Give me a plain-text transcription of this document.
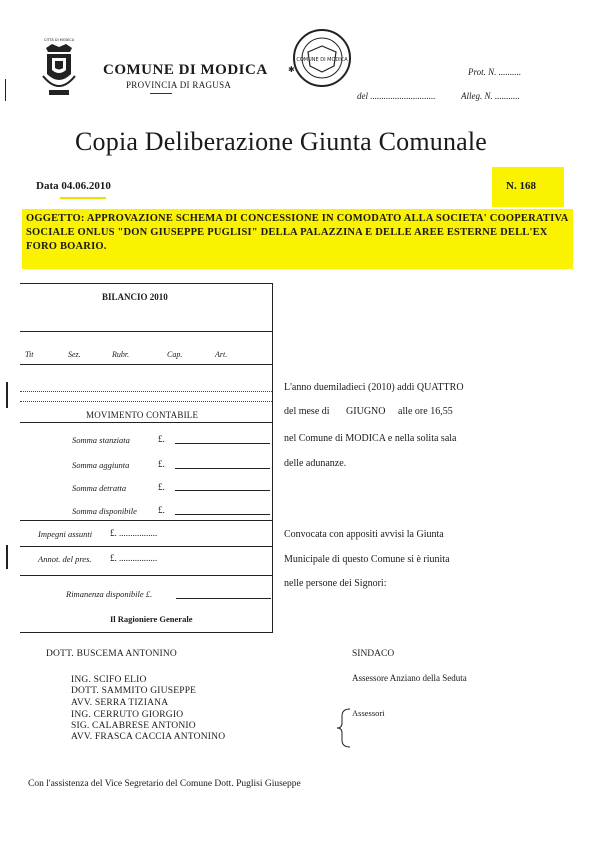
CITTÀ DI MODICA
COMUNE DI MODICA
PROVINCIA DI RAGUSA
COMUNE DI MODICA
✱	Prot. N. ..........
del .............................	Alleg. N. ...........
Copia Deliberazione Giunta Comunale
Data 04.06.2010	N. 168
OGGETTO: APPROVAZIONE SCHEMA DI CONCESSIONE IN COMODATO ALLA SOCIETA' COOPERATIVA SOCIALE ONLUS "DON GIUSEPPE PUGLISI" DELLA PALAZZINA E DELLE AREE ESTERNE DELL'EX FORO BOARIO.
BILANCIO 2010
Tit	Sez.	Rubr.	Cap.	Art.
MOVIMENTO CONTABILE
Somma stanziata	£.
Somma aggiunta	£.
Somma detratta	£.
Somma disponibile £.
Impegni assunti £. .................
Annot. del pres. £. .................
Rimanenza disponibile £.
Il Ragioniere Generale
L'anno duemiladieci (2010) addì QUATTRO
del mese di GIUGNO alle ore 16,55
nel Comune di MODICA e nella solita sala
delle adunanze.
Convocata con appositi avvisi la Giunta
Municipale di questo Comune si è riunita
nelle persone dei Signori:
DOTT. BUSCEMA ANTONINO	SINDACO
ING. SCIFO ELIO	Assessore Anziano della Seduta
DOTT. SAMMITO GIUSEPPE
AVV. SERRA TIZIANA
ING. CERRUTO GIORGIO
SIG. CALABRESE ANTONIO
AVV. FRASCA CACCIA ANTONINO
Assessori
Con l'assistenza del Vice Segretario del Comune Dott. Puglisi Giuseppe
